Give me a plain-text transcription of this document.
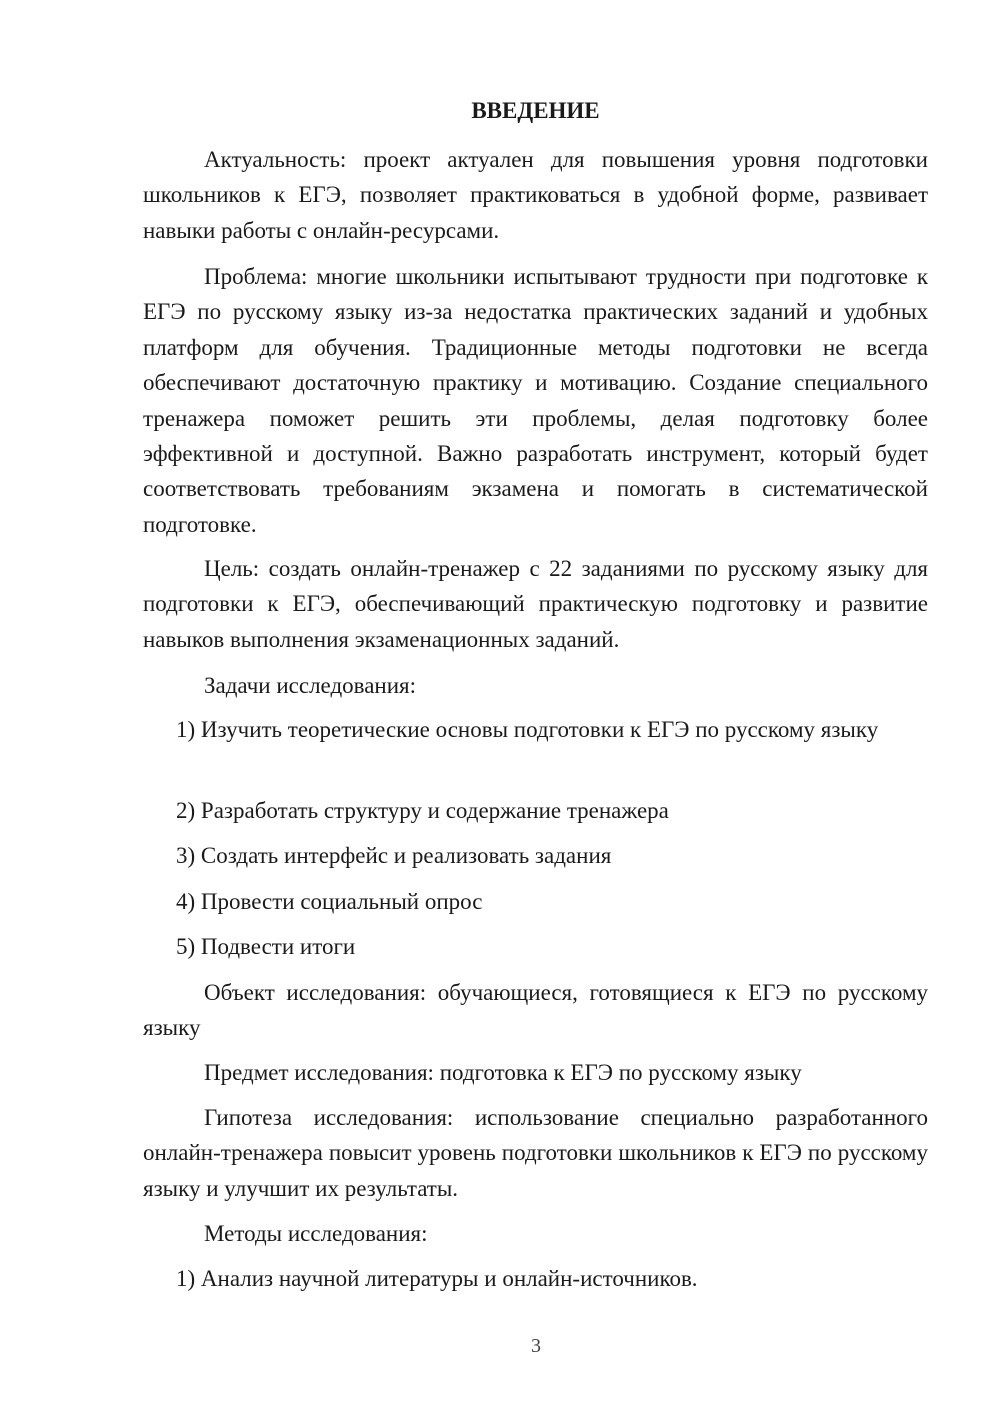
ВВЕДЕНИЕ

Актуальность: проект актуален для повышения уровня подготовки школьников к ЕГЭ, позволяет практиковаться в удобной форме, развивает навыки работы с онлайн-ресурсами.

Проблема: многие школьники испытывают трудности при подготовке к ЕГЭ по русскому языку из-за недостатка практических заданий и удобных платформ для обучения. Традиционные методы подготовки не всегда обеспечивают достаточную практику и мотивацию. Создание специального тренажера поможет решить эти проблемы, делая подготовку более эффективной и доступной. Важно разработать инструмент, который будет соответствовать требованиям экзамена и помогать в систематической подготовке.

Цель: создать онлайн-тренажер с 22 заданиями по русскому языку для подготовки к ЕГЭ, обеспечивающий практическую подготовку и развитие навыков выполнения экзаменационных заданий.

Задачи исследования:

1) Изучить теоретические основы подготовки к ЕГЭ по русскому языку

2) Разработать структуру и содержание тренажера

3) Создать интерфейс и реализовать задания

4) Провести социальный опрос

5) Подвести итоги

Объект исследования: обучающиеся, готовящиеся к ЕГЭ по русскому языку

Предмет исследования: подготовка к ЕГЭ по русскому языку

Гипотеза исследования: использование специально разработанного онлайн-тренажера повысит уровень подготовки школьников к ЕГЭ по русскому языку и улучшит их результаты.

Методы исследования:

1) Анализ научной литературы и онлайн-источников.

3
